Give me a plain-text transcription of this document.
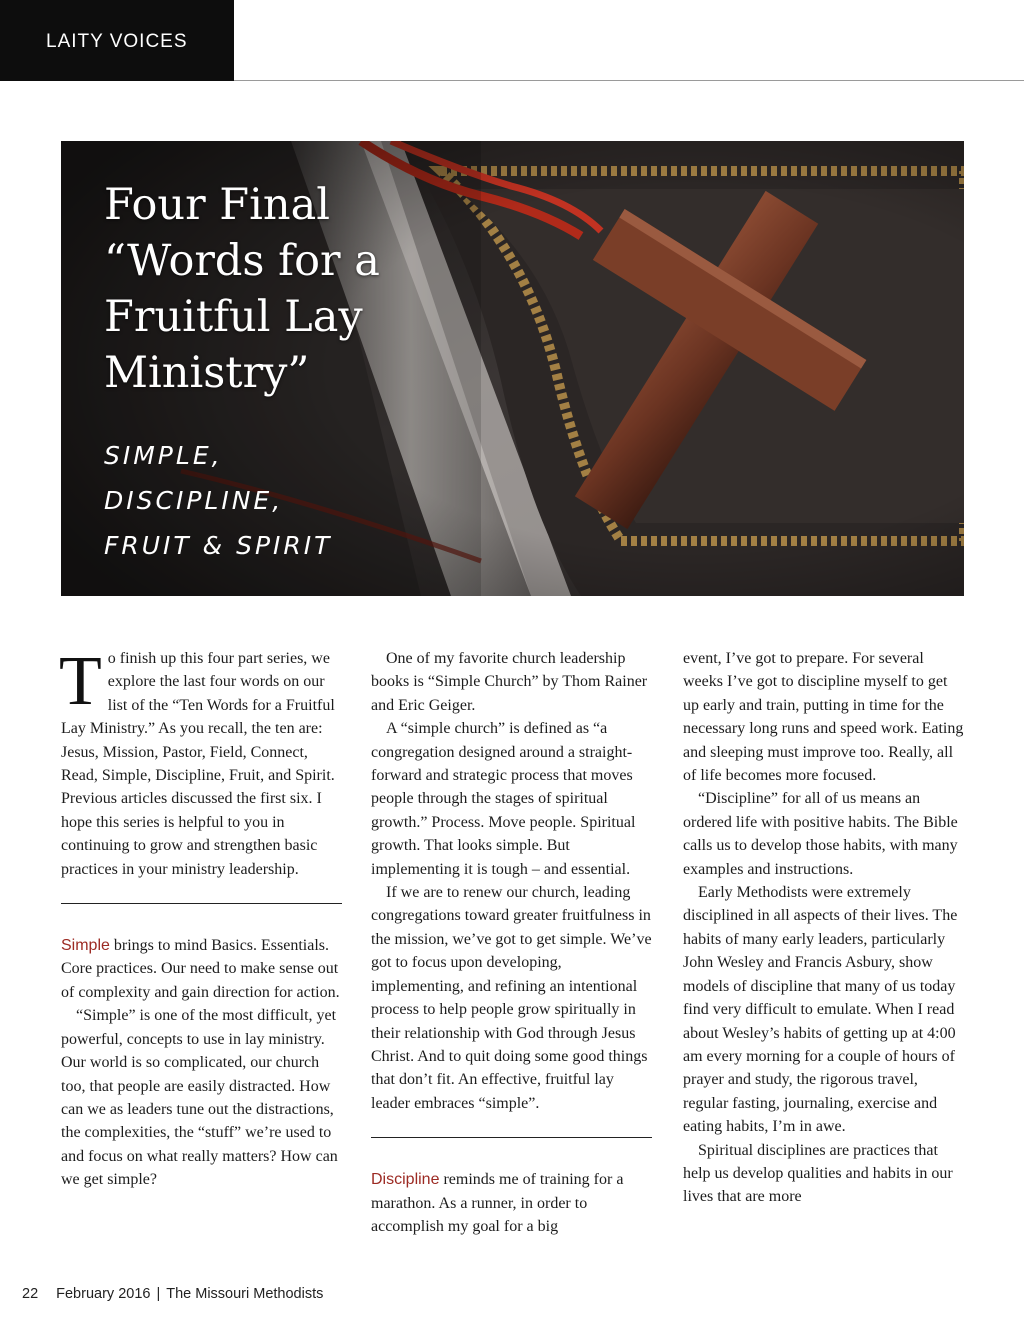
LAITY VOICES
Four Final “Words for a Fruitful Lay Ministry”
SIMPLE,
DISCIPLINE,
FRUIT & SPIRIT

To finish up this four part series, we explore the last four words on our list of the “Ten Words for a Fruitful Lay Ministry.” As you recall, the ten are: Jesus, Mission, Pastor, Field, Connect, Read, Simple, Discipline, Fruit, and Spirit. Previous articles discussed the first six. I hope this series is helpful to you in continuing to grow and strengthen basic practices in your ministry leadership.

Simple brings to mind Basics. Essentials. Core practices. Our need to make sense out of complexity and gain direction for action.

“Simple” is one of the most difficult, yet powerful, concepts to use in lay ministry. Our world is so complicated, our church too, that people are easily distracted. How can we as leaders tune out the distractions, the complexities, the “stuff” we’re used to and focus on what really matters? How can we get simple?

One of my favorite church leadership books is “Simple Church” by Thom Rainer and Eric Geiger.

A “simple church” is defined as “a congregation designed around a straight-forward and strategic process that moves people through the stages of spiritual growth.” Process. Move people. Spiritual growth. That looks simple. But implementing it is tough – and essential.

If we are to renew our church, leading congregations toward greater fruitfulness in the mission, we’ve got to get simple. We’ve got to focus upon developing, implementing, and refining an intentional process to help people grow spiritually in their relationship with God through Jesus Christ. And to quit doing some good things that don’t fit. An effective, fruitful lay leader embraces “simple”.

Discipline reminds me of training for a marathon. As a runner, in order to accomplish my goal for a big

event, I’ve got to prepare. For several weeks I’ve got to discipline myself to get up early and train, putting in time for the necessary long runs and speed work. Eating and sleeping must improve too. Really, all of life becomes more focused.

“Discipline” for all of us means an ordered life with positive habits. The Bible calls us to develop those habits, with many examples and instructions.

Early Methodists were extremely disciplined in all aspects of their lives. The habits of many early leaders, particularly John Wesley and Francis Asbury, show models of discipline that many of us today find very difficult to emulate. When I read about Wesley’s habits of getting up at 4:00 am every morning for a couple of hours of prayer and study, the rigorous travel, regular fasting, journaling, exercise and eating habits, I’m in awe.

Spiritual disciplines are practices that help us develop qualities and habits in our lives that are more

22 February 2016 | The Missouri Methodists
